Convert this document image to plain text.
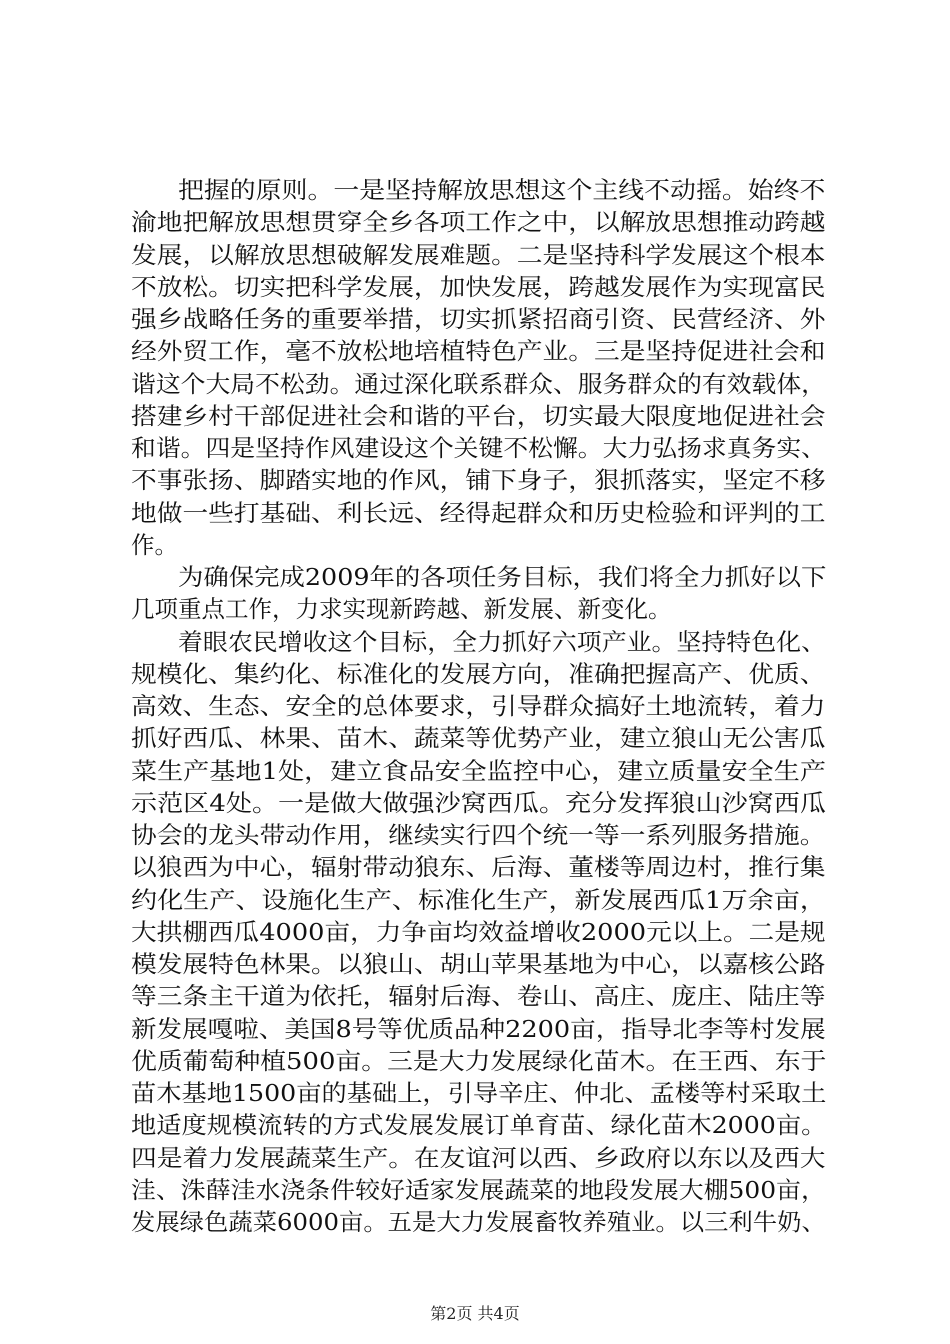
把握的原则。一是坚持解放思想这个主线不动摇。始终不
渝地把解放思想贯穿全乡各项工作之中，以解放思想推动跨越
发展，以解放思想破解发展难题。二是坚持科学发展这个根本
不放松。切实把科学发展，加快发展，跨越发展作为实现富民
强乡战略任务的重要举措，切实抓紧招商引资、民营经济、外
经外贸工作，毫不放松地培植特色产业。三是坚持促进社会和
谐这个大局不松劲。通过深化联系群众、服务群众的有效载体，
搭建乡村干部促进社会和谐的平台，切实最大限度地促进社会
和谐。四是坚持作风建设这个关键不松懈。大力弘扬求真务实、
不事张扬、脚踏实地的作风，铺下身子，狠抓落实，坚定不移
地做一些打基础、利长远、经得起群众和历史检验和评判的工
作。
为确保完成2009年的各项任务目标，我们将全力抓好以下
几项重点工作，力求实现新跨越、新发展、新变化。
着眼农民增收这个目标，全力抓好六项产业。坚持特色化、
规模化、集约化、标准化的发展方向，准确把握高产、优质、
高效、生态、安全的总体要求，引导群众搞好土地流转，着力
抓好西瓜、林果、苗木、蔬菜等优势产业，建立狼山无公害瓜
菜生产基地1处，建立食品安全监控中心，建立质量安全生产
示范区4处。一是做大做强沙窝西瓜。充分发挥狼山沙窝西瓜
协会的龙头带动作用，继续实行四个统一等一系列服务措施。
以狼西为中心，辐射带动狼东、后海、董楼等周边村，推行集
约化生产、设施化生产、标准化生产，新发展西瓜1万余亩，
大拱棚西瓜4000亩，力争亩均效益增收2000元以上。二是规
模发展特色林果。以狼山、胡山苹果基地为中心，以嘉核公路
等三条主干道为依托，辐射后海、卷山、高庄、庞庄、陆庄等
新发展嘎啦、美国8号等优质品种2200亩，指导北李等村发展
优质葡萄种植500亩。三是大力发展绿化苗木。在王西、东于
苗木基地1500亩的基础上，引导辛庄、仲北、孟楼等村采取土
地适度规模流转的方式发展发展订单育苗、绿化苗木2000亩。
四是着力发展蔬菜生产。在友谊河以西、乡政府以东以及西大
洼、洙薛洼水浇条件较好适家发展蔬菜的地段发展大棚500亩，
发展绿色蔬菜6000亩。五是大力发展畜牧养殖业。以三利牛奶、
第2页 共4页
